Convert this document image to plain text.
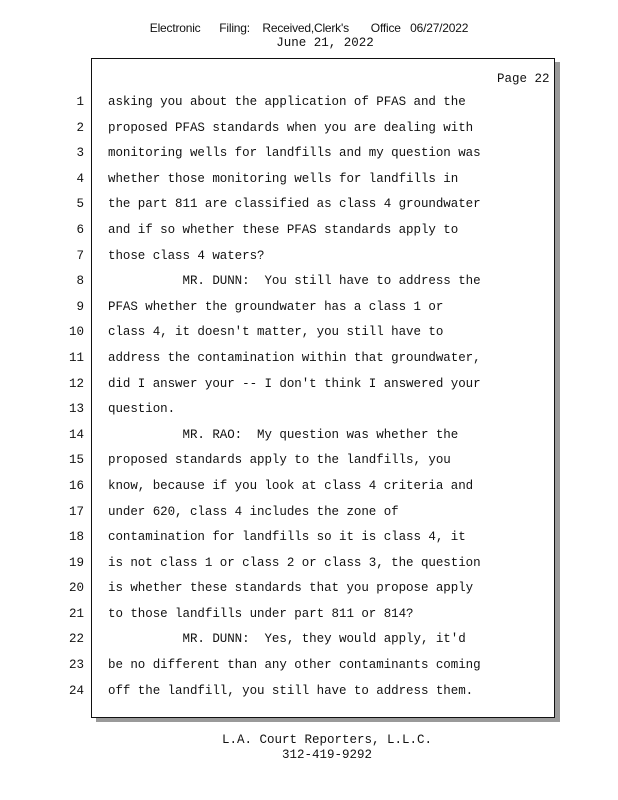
Electronic      Filing:    Received,Clerk's       Office   06/27/2022
June 21, 2022
Page 22
1 asking you about the application of PFAS and the
2 proposed PFAS standards when you are dealing with
3 monitoring wells for landfills and my question was
4 whether those monitoring wells for landfills in
5 the part 811 are classified as class 4 groundwater
6 and if so whether these PFAS standards apply to
7 those class 4 waters?
8 MR. DUNN:  You still have to address the
9 PFAS whether the groundwater has a class 1 or
10 class 4, it doesn't matter, you still have to
11 address the contamination within that groundwater,
12 did I answer your -- I don't think I answered your
13 question.
14 MR. RAO:  My question was whether the
15 proposed standards apply to the landfills, you
16 know, because if you look at class 4 criteria and
17 under 620, class 4 includes the zone of
18 contamination for landfills so it is class 4, it
19 is not class 1 or class 2 or class 3, the question
20 is whether these standards that you propose apply
21 to those landfills under part 811 or 814?
22 MR. DUNN:  Yes, they would apply, it'd
23 be no different than any other contaminants coming
24 off the landfill, you still have to address them.
L.A. Court Reporters, L.L.C.
312-419-9292
